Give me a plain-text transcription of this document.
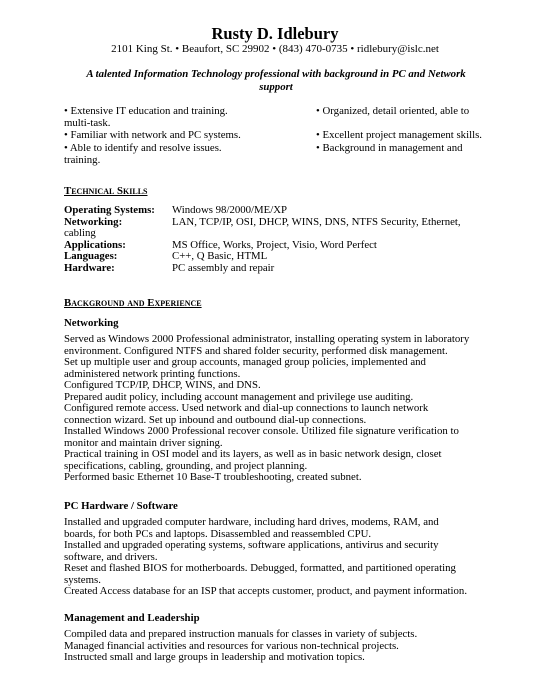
Rusty D. Idlebury
2101 King St. • Beaufort, SC 29902 • (843) 470-0735 • ridlebury@islc.net
A talented Information Technology professional with background in PC and Network
support
• Extensive IT education and training.
multi-task.
• Familiar with network and PC systems.
• Able to identify and resolve issues.
training.
• Organized, detail oriented, able to
• Excellent project management skills.
• Background in management and
Technical Skills
Operating Systems:	Windows 98/2000/ME/XP
Networking:	LAN, TCP/IP, OSI, DHCP, WINS, DNS, NTFS Security, Ethernet,
cabling
Applications:	MS Office, Works, Project, Visio, Word Perfect
Languages:	C++, Q Basic, HTML
Hardware:	PC assembly and repair
Background and Experience
Networking

Served as Windows 2000 Professional administrator, installing operating system in laboratory

environment. Configured NTFS and shared folder security, performed disk management.

Set up multiple user and group accounts, managed group policies, implemented and

administered network printing functions.

Configured TCP/IP, DHCP, WINS, and DNS.

Prepared audit policy, including account management and privilege use auditing.

Configured remote access. Used network and dial-up connections to launch network

connection wizard. Set up inbound and outbound dial-up connections.

Installed Windows 2000 Professional recover console. Utilized file signature verification to

monitor and maintain driver signing.

Practical training in OSI model and its layers, as well as in basic network design, closet

specifications, cabling, grounding, and project planning.

Performed basic Ethernet 10 Base-T troubleshooting, created subnet.

PC Hardware / Software

Installed and upgraded computer hardware, including hard drives, modems, RAM, and

boards, for both PCs and laptops. Disassembled and reassembled CPU.

Installed and upgraded operating systems, software applications, antivirus and security

software, and drivers.

Reset and flashed BIOS for motherboards. Debugged, formatted, and partitioned operating

systems.

Created Access database for an ISP that accepts customer, product, and payment information.

Management and Leadership

Compiled data and prepared instruction manuals for classes in variety of subjects.

Managed financial activities and resources for various non-technical projects.

Instructed small and large groups in leadership and motivation topics.
